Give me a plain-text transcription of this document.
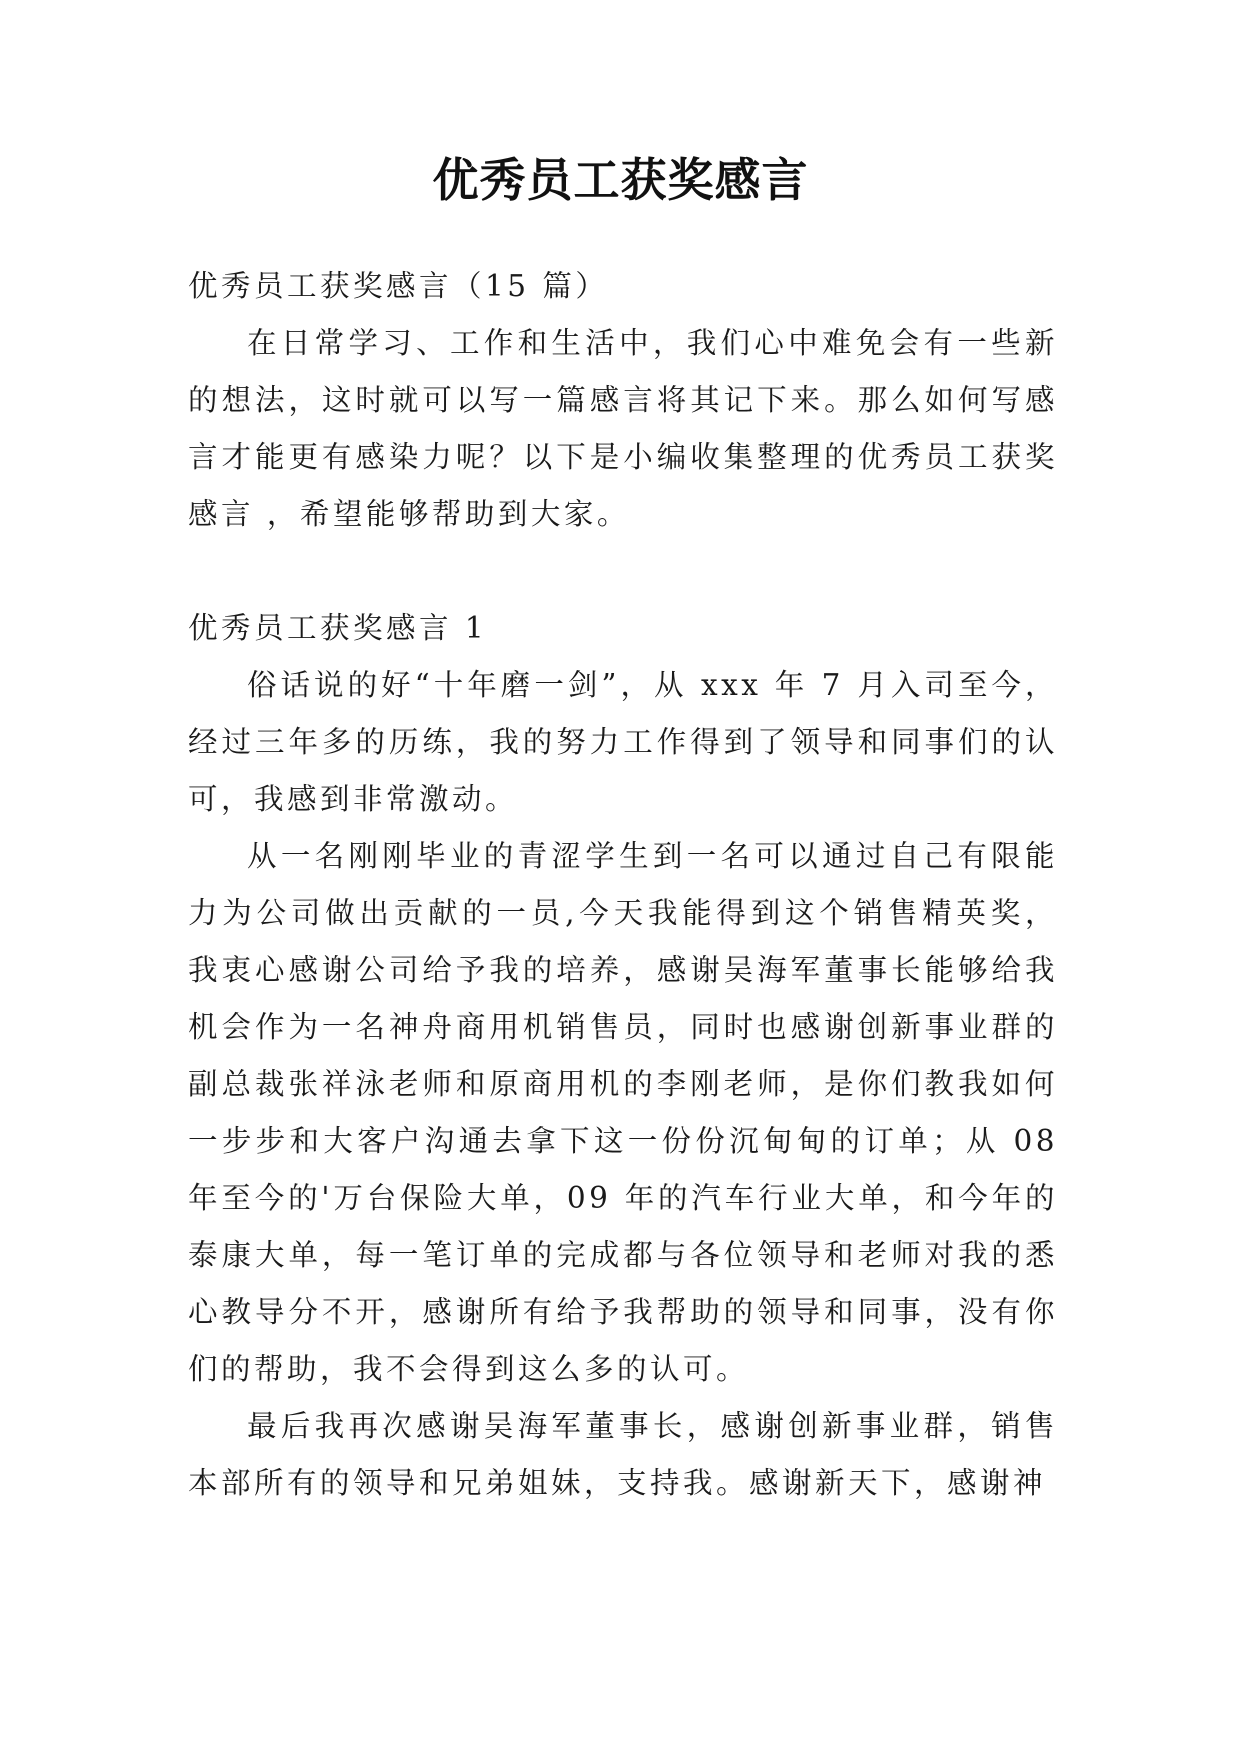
优秀员工获奖感言

优秀员工获奖感言（15 篇）

在日常学习、工作和生活中，我们心中难免会有一些新的想法，这时就可以写一篇感言将其记下来。那么如何写感言才能更有感染力呢？以下是小编收集整理的优秀员工获奖感言 ，希望能够帮助到大家。

优秀员工获奖感言 1

俗话说的好“十年磨一剑”，从 xxx 年 7 月入司至今，经过三年多的历练，我的努力工作得到了领导和同事们的认可，我感到非常激动。

从一名刚刚毕业的青涩学生到一名可以通过自己有限能力为公司做出贡献的一员,今天我能得到这个销售精英奖，我衷心感谢公司给予我的培养，感谢吴海军董事长能够给我机会作为一名神舟商用机销售员，同时也感谢创新事业群的副总裁张祥泳老师和原商用机的李刚老师，是你们教我如何一步步和大客户沟通去拿下这一份份沉甸甸的订单；从 08 年至今的'万台保险大单，09 年的汽车行业大单，和今年的泰康大单，每一笔订单的完成都与各位领导和老师对我的悉心教导分不开，感谢所有给予我帮助的领导和同事，没有你们的帮助，我不会得到这么多的认可。

最后我再次感谢吴海军董事长，感谢创新事业群，销售本部所有的领导和兄弟姐妹，支持我。感谢新天下，感谢神
